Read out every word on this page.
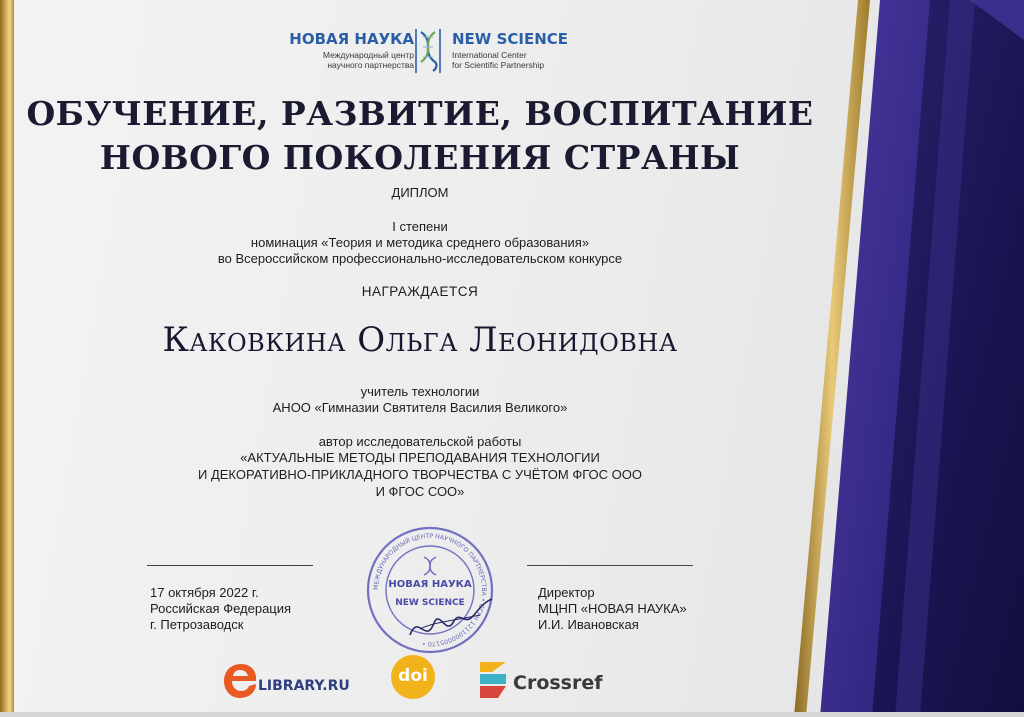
НОВАЯ НАУКА
Международный центр
научного партнерства
NEW SCIENCE
International Center
for Scientific Partnership
ОБУЧЕНИЕ, РАЗВИТИЕ, ВОСПИТАНИЕ
НОВОГО ПОКОЛЕНИЯ СТРАНЫ
ДИПЛОМ
I степени
номинация «Теория и методика среднего образования»
во Всероссийском профессионально-исследовательском конкурсе
НАГРАЖДАЕТСЯ
Каковкина Ольга Леонидовна
учитель технологии
АНОО «Гимназии Святителя Василия Великого»
автор исследовательской работы
«АКТУАЛЬНЫЕ МЕТОДЫ ПРЕПОДАВАНИЯ ТЕХНОЛОГИИ
И ДЕКОРАТИВНО-ПРИКЛАДНОГО ТВОРЧЕСТВА С УЧЁТОМ ФГОС ООО
И ФГОС СОО»
17 октября 2022 г.
Российская Федерация
г. Петрозаводск
МЕЖДУНАРОДНЫЙ ЦЕНТР НАУЧНОГО ПАРТНЕРСТВА • ОГРН 1211000005170 •
НОВАЯ НАУКА
NEW SCIENCE
Директор
МЦНП «НОВАЯ НАУКА»
И.И. Ивановская
LIBRARY.RU	doi	Crossref
